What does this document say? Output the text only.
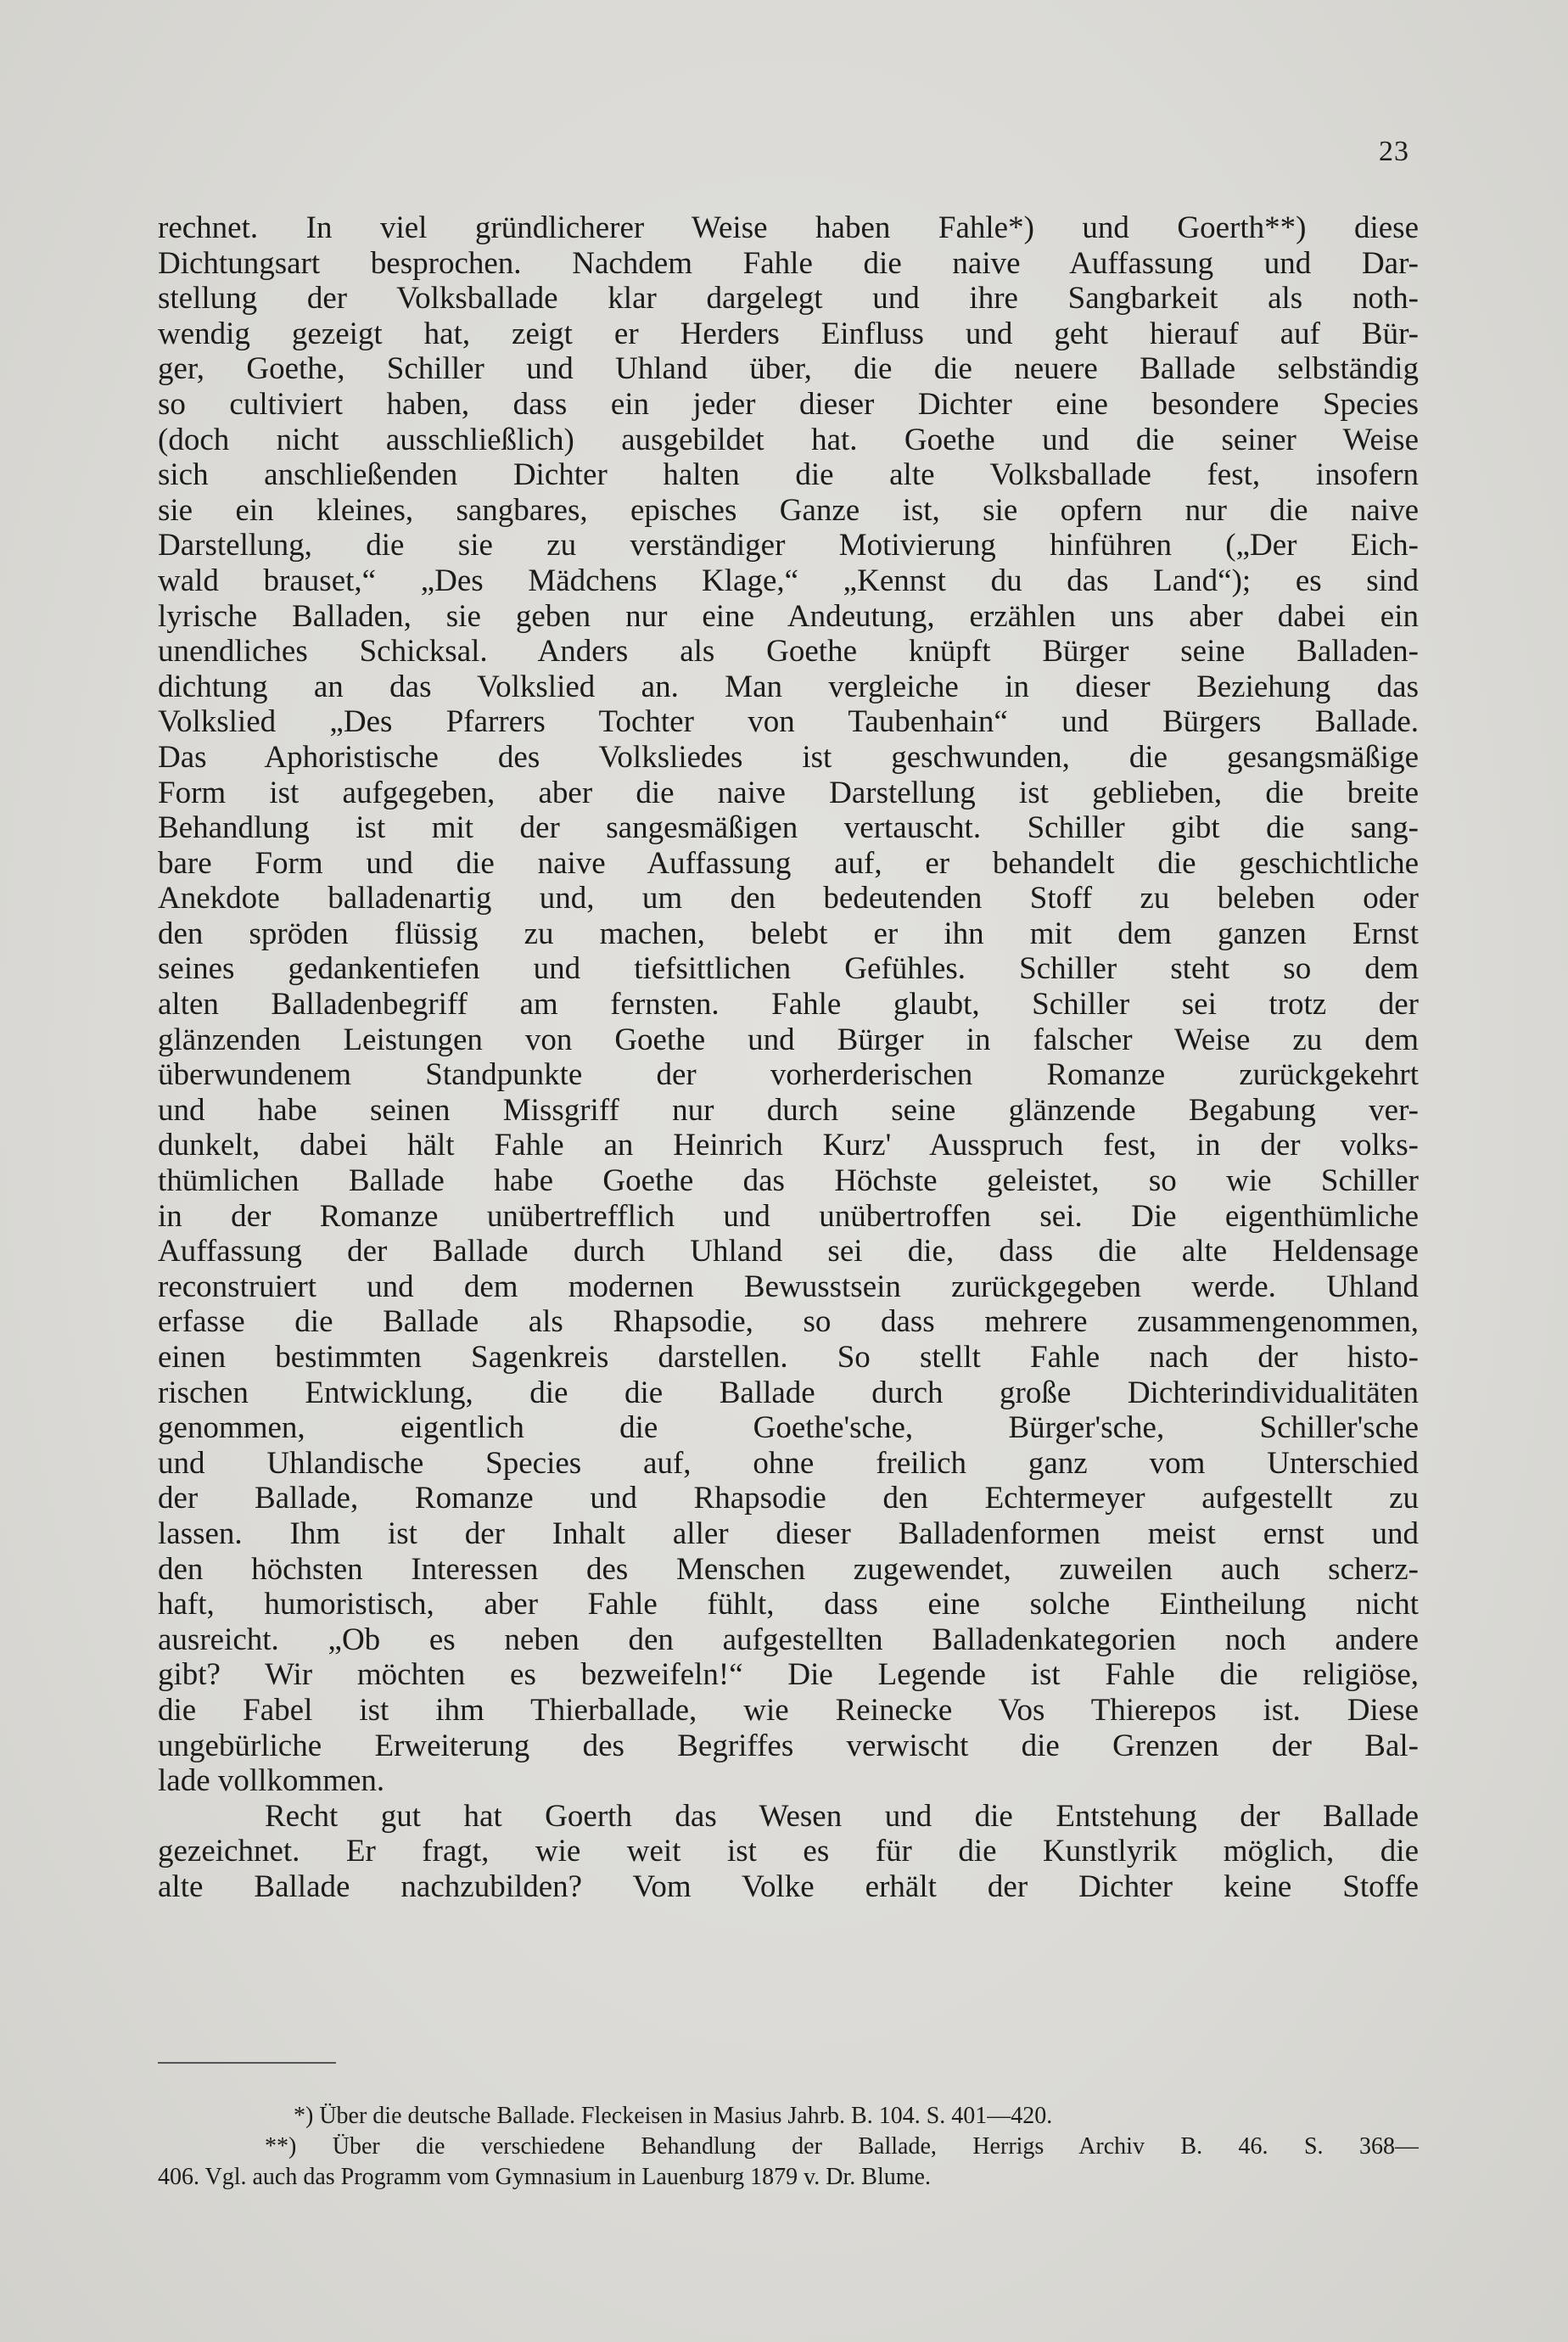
23
rechnet. In viel gründlicherer Weise haben Fahle*) und Goerth**) diese
Dichtungsart besprochen. Nachdem Fahle die naive Auffassung und Dar-
stellung der Volksballade klar dargelegt und ihre Sangbarkeit als noth-
wendig gezeigt hat, zeigt er Herders Einfluss und geht hierauf auf Bür-
ger, Goethe, Schiller und Uhland über, die die neuere Ballade selbständig
so cultiviert haben, dass ein jeder dieser Dichter eine besondere Species
(doch nicht ausschließlich) ausgebildet hat. Goethe und die seiner Weise
sich anschließenden Dichter halten die alte Volksballade fest, insofern
sie ein kleines, sangbares, episches Ganze ist, sie opfern nur die naive
Darstellung, die sie zu verständiger Motivierung hinführen („Der Eich-
wald brauset,“ „Des Mädchens Klage,“ „Kennst du das Land“); es sind
lyrische Balladen, sie geben nur eine Andeutung, erzählen uns aber dabei ein
unendliches Schicksal. Anders als Goethe knüpft Bürger seine Balladen-
dichtung an das Volkslied an. Man vergleiche in dieser Beziehung das
Volkslied „Des Pfarrers Tochter von Taubenhain“ und Bürgers Ballade.
Das Aphoristische des Volksliedes ist geschwunden, die gesangsmäßige
Form ist aufgegeben, aber die naive Darstellung ist geblieben, die breite
Behandlung ist mit der sangesmäßigen vertauscht. Schiller gibt die sang-
bare Form und die naive Auffassung auf, er behandelt die geschichtliche
Anekdote balladenartig und, um den bedeutenden Stoff zu beleben oder
den spröden flüssig zu machen, belebt er ihn mit dem ganzen Ernst
seines gedankentiefen und tiefsittlichen Gefühles. Schiller steht so dem
alten Balladenbegriff am fernsten. Fahle glaubt, Schiller sei trotz der
glänzenden Leistungen von Goethe und Bürger in falscher Weise zu dem
überwundenem Standpunkte der vorherderischen Romanze zurückgekehrt
und habe seinen Missgriff nur durch seine glänzende Begabung ver-
dunkelt, dabei hält Fahle an Heinrich Kurz' Ausspruch fest, in der volks-
thümlichen Ballade habe Goethe das Höchste geleistet, so wie Schiller
in der Romanze unübertrefflich und unübertroffen sei. Die eigenthümliche
Auffassung der Ballade durch Uhland sei die, dass die alte Heldensage
reconstruiert und dem modernen Bewusstsein zurückgegeben werde. Uhland
erfasse die Ballade als Rhapsodie, so dass mehrere zusammengenommen,
einen bestimmten Sagenkreis darstellen. So stellt Fahle nach der histo-
rischen Entwicklung, die die Ballade durch große Dichterindividualitäten
genommen, eigentlich die Goethe'sche, Bürger'sche, Schiller'sche
und Uhlandische Species auf, ohne freilich ganz vom Unterschied
der Ballade, Romanze und Rhapsodie den Echtermeyer aufgestellt zu
lassen. Ihm ist der Inhalt aller dieser Balladenformen meist ernst und
den höchsten Interessen des Menschen zugewendet, zuweilen auch scherz-
haft, humoristisch, aber Fahle fühlt, dass eine solche Eintheilung nicht
ausreicht. „Ob es neben den aufgestellten Balladenkategorien noch andere
gibt? Wir möchten es bezweifeln!“ Die Legende ist Fahle die religiöse,
die Fabel ist ihm Thierballade, wie Reinecke Vos Thierepos ist. Diese
ungebürliche Erweiterung des Begriffes verwischt die Grenzen der Bal-
lade vollkommen.
Recht gut hat Goerth das Wesen und die Entstehung der Ballade
gezeichnet. Er fragt, wie weit ist es für die Kunstlyrik möglich, die
alte Ballade nachzubilden? Vom Volke erhält der Dichter keine Stoffe
*) Über die deutsche Ballade. Fleckeisen in Masius Jahrb. B. 104. S. 401—420.
**) Über die verschiedene Behandlung der Ballade, Herrigs Archiv B. 46. S. 368—
406. Vgl. auch das Programm vom Gymnasium in Lauenburg 1879 v. Dr. Blume.
